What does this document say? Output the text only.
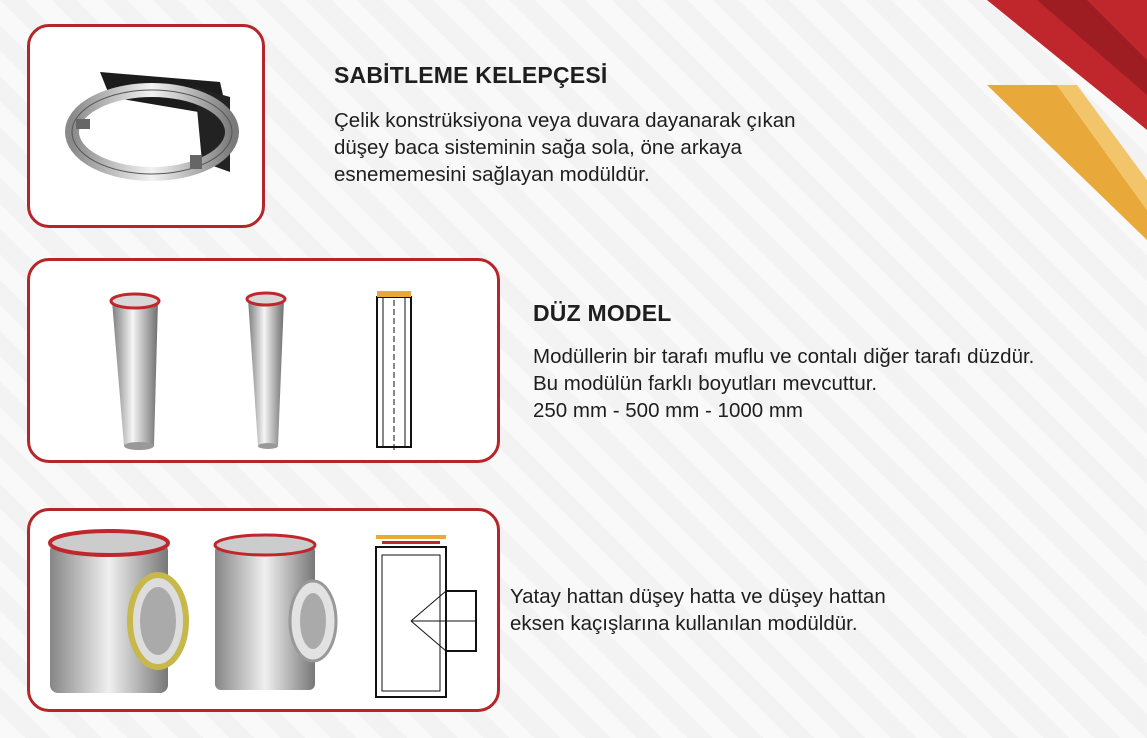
SABİTLEME KELEPÇESİ
Çelik konstrüksiyona veya duvara dayanarak çıkan
düşey baca sisteminin sağa sola, öne arkaya
esnememesini sağlayan modüldür.
DÜZ MODEL
Modüllerin bir tarafı muflu ve contalı diğer tarafı düzdür.
Bu modülün farklı boyutları mevcuttur.
250 mm - 500 mm - 1000 mm
Yatay hattan düşey hatta ve düşey hattan
eksen kaçışlarına kullanılan modüldür.
